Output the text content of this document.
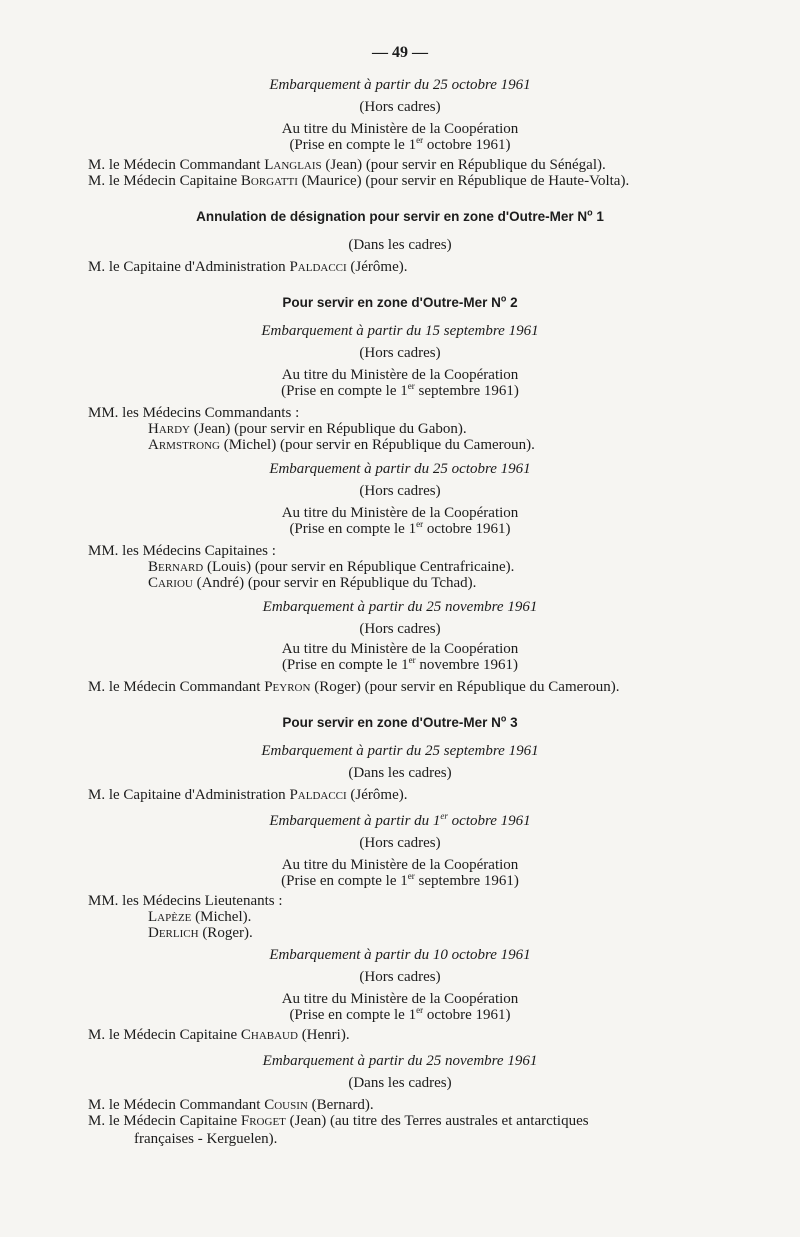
— 49 —
Embarquement à partir du 25 octobre 1961
(Hors cadres)
Au titre du Ministère de la Coopération
(Prise en compte le 1er octobre 1961)
M. le Médecin Commandant Langlais (Jean) (pour servir en République du Sénégal).
M. le Médecin Capitaine Borgatti (Maurice) (pour servir en République de Haute-Volta).
Annulation de désignation pour servir en zone d'Outre-Mer $N^o$ 1
(Dans les cadres)
M. le Capitaine d'Administration Paldacci (Jérôme).
Pour servir en zone d'Outre-Mer $N^o$ 2
Embarquement à partir du 15 septembre 1961
(Hors cadres)
Au titre du Ministère de la Coopération
(Prise en compte le 1er septembre 1961)
MM. les Médecins Commandants :
Hardy (Jean) (pour servir en République du Gabon).
Armstrong (Michel) (pour servir en République du Cameroun).
Embarquement à partir du 25 octobre 1961
(Hors cadres)
Au titre du Ministère de la Coopération
(Prise en compte le 1er octobre 1961)
MM. les Médecins Capitaines :
Bernard (Louis) (pour servir en République Centrafricaine).
Cariou (André) (pour servir en République du Tchad).
Embarquement à partir du 25 novembre 1961
(Hors cadres)
Au titre du Ministère de la Coopération
(Prise en compte le 1er novembre 1961)
M. le Médecin Commandant Peyron (Roger) (pour servir en République du Cameroun).
Pour servir en zone d'Outre-Mer $N^o$ 3
Embarquement à partir du 25 septembre 1961
(Dans les cadres)
M. le Capitaine d'Administration Paldacci (Jérôme).
Embarquement à partir du 1er octobre 1961
(Hors cadres)
Au titre du Ministère de la Coopération
(Prise en compte le 1er septembre 1961)
MM. les Médecins Lieutenants :
Lapèze (Michel).
Derlich (Roger).
Embarquement à partir du 10 octobre 1961
(Hors cadres)
Au titre du Ministère de la Coopération
(Prise en compte le 1er octobre 1961)
M. le Médecin Capitaine Chabaud (Henri).
Embarquement à partir du 25 novembre 1961
(Dans les cadres)
M. le Médecin Commandant Cousin (Bernard).
M. le Médecin Capitaine Froget (Jean) (au titre des Terres australes et antarctiques
françaises - Kerguelen).
